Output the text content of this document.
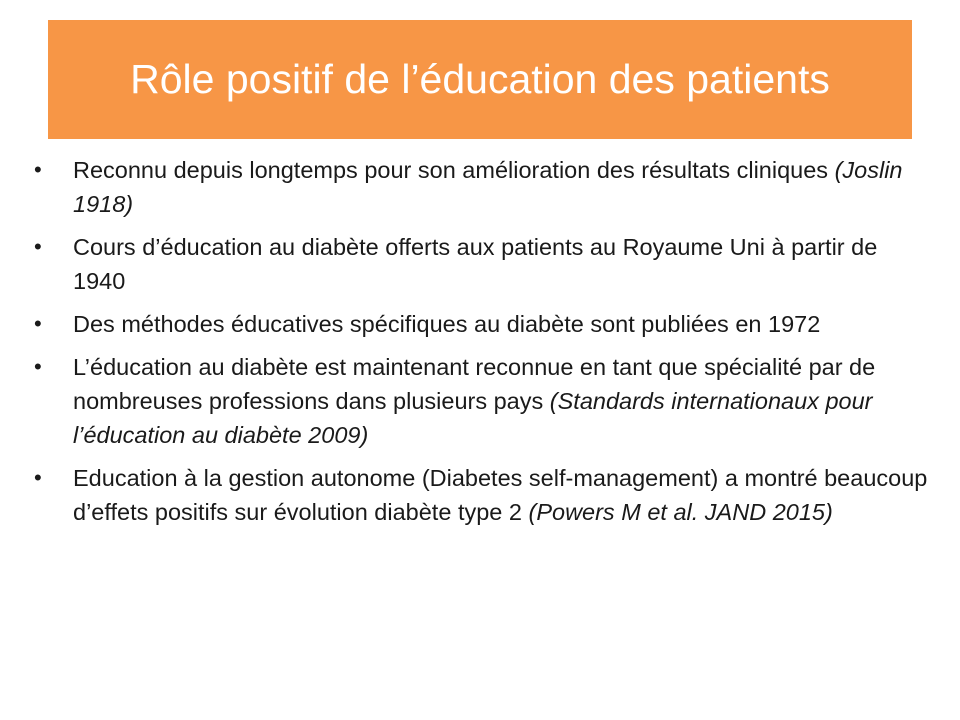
Rôle positif de l’éducation des patients
• Reconnu depuis longtemps pour son amélioration des résultats cliniques (Joslin 1918)
• Cours d’éducation au diabète offerts aux patients au Royaume Uni à partir de 1940
• Des méthodes éducatives spécifiques au diabète sont publiées en 1972
• L’éducation au diabète est maintenant reconnue en tant que spécialité par de nombreuses professions dans plusieurs pays (Standards internationaux pour l’éducation au diabète 2009)
• Education à la gestion autonome (Diabetes self-management) a montré beaucoup d’effets positifs sur évolution diabète type 2 (Powers M et al. JAND 2015)
